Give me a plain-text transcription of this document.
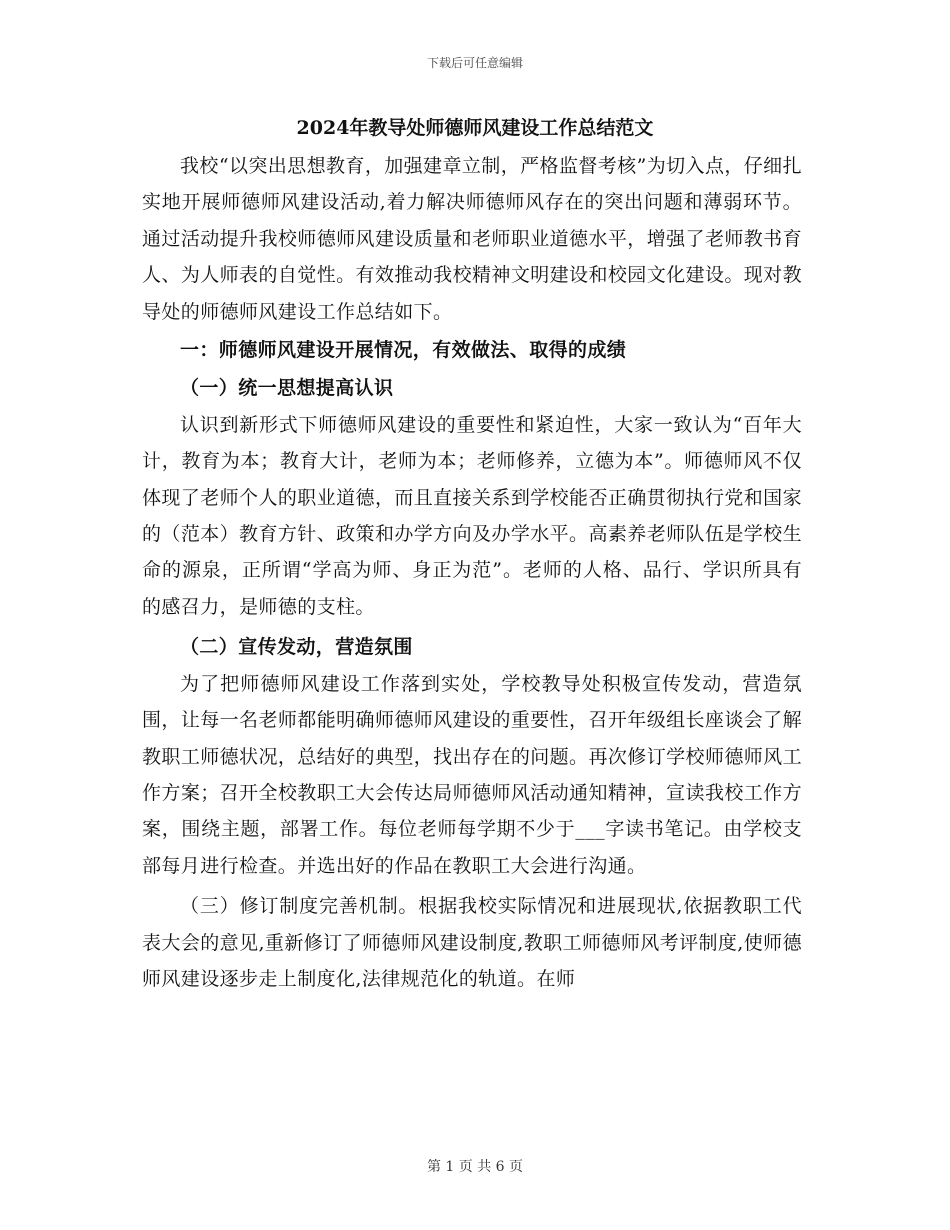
下载后可任意编辑
2024年教导处师德师风建设工作总结范文

我校“以突出思想教育，加强建章立制，严格监督考核”为切入点，仔细扎实地开展师德师风建设活动,着力解决师德师风存在的突出问题和薄弱环节。通过活动提升我校师德师风建设质量和老师职业道德水平，增强了老师教书育人、为人师表的自觉性。有效推动我校精神文明建设和校园文化建设。现对教导处的师德师风建设工作总结如下。

一：师德师风建设开展情况，有效做法、取得的成绩

（一）统一思想提高认识

认识到新形式下师德师风建设的重要性和紧迫性，大家一致认为“百年大计，教育为本；教育大计，老师为本；老师修养，立德为本”。师德师风不仅体现了老师个人的职业道德，而且直接关系到学校能否正确贯彻执行党和国家的（范本）教育方针、政策和办学方向及办学水平。高素养老师队伍是学校生命的源泉，正所谓“学高为师、身正为范”。老师的人格、品行、学识所具有的感召力，是师德的支柱。

（二）宣传发动，营造氛围

为了把师德师风建设工作落到实处，学校教导处积极宣传发动，营造氛围，让每一名老师都能明确师德师风建设的重要性，召开年级组长座谈会了解教职工师德状况，总结好的典型，找出存在的问题。再次修订学校师德师风工作方案；召开全校教职工大会传达局师德师风活动通知精神，宣读我校工作方案，围绕主题，部署工作。每位老师每学期不少于___字读书笔记。由学校支部每月进行检查。并选出好的作品在教职工大会进行沟通。

（三）修订制度完善机制。根据我校实际情况和进展现状,依据教职工代表大会的意见,重新修订了师德师风建设制度,教职工师德师风考评制度,使师德师风建设逐步走上制度化,法律规范化的轨道。在师

第 1 页 共 6 页
